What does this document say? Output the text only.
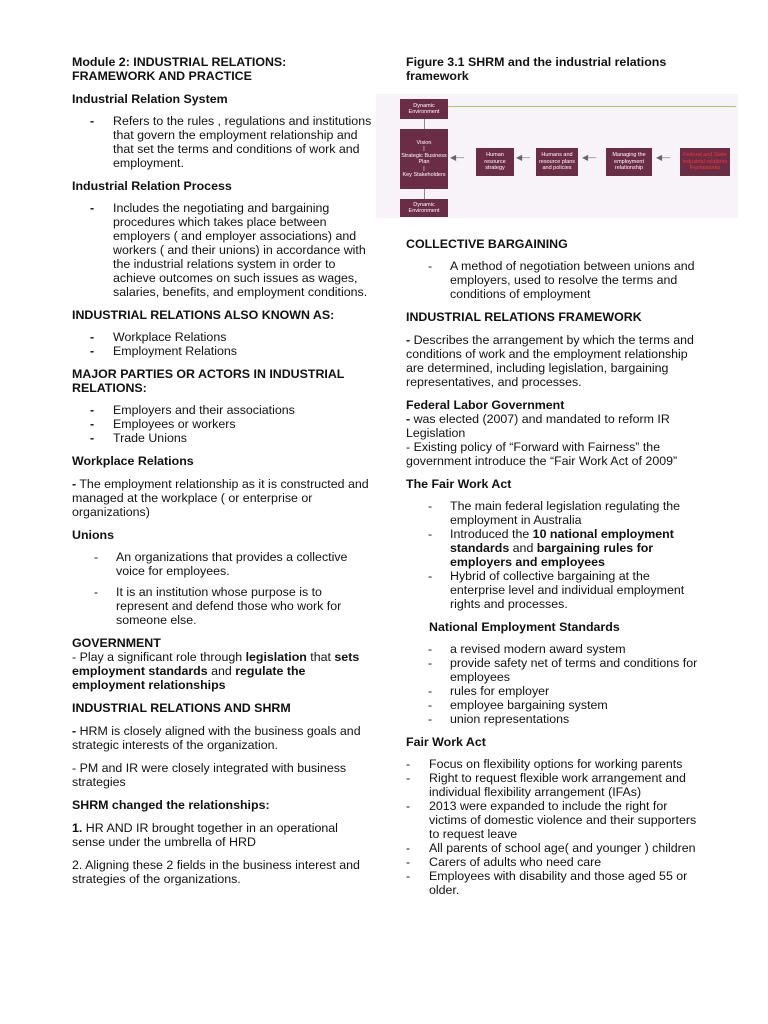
Module 2: INDUSTRIAL RELATIONS:

FRAMEWORK AND PRACTICE

Industrial Relation System

- Refers to the rules , regulations and institutions that govern the employment relationship and that set the terms and conditions of work and employment.

Industrial Relation Process

- Includes the negotiating and bargaining procedures which takes place between employers ( and employer associations) and workers ( and their unions) in accordance with the industrial relations system in order to achieve outcomes on such issues as wages, salaries, benefits, and employment conditions.

INDUSTRIAL RELATIONS ALSO KNOWN AS:

- Workplace Relations
- Employment Relations

MAJOR PARTIES OR ACTORS IN INDUSTRIAL RELATIONS:

- Employers and their associations
- Employees or workers
- Trade Unions

Workplace Relations

- The employment relationship as it is constructed and managed at the workplace ( or enterprise or organizations)

Unions

- An organizations that provides a collective voice for employees.
- It is an institution whose purpose is to represent and defend those who work for someone else.

GOVERNMENT

- Play a significant role through legislation that sets employment standards and regulate the employment relationships

INDUSTRIAL RELATIONS AND SHRM

- HRM is closely aligned with the business goals and strategic interests of the organization.

- PM and IR were closely integrated with business strategies

SHRM changed the relationships:

1. HR AND IR brought together in an operational sense under the umbrella of HRD

2. Aligning these 2 fields in the business interest and strategies of the organizations.

Figure 3.1 SHRM and the industrial relations framework

Dynamic Environment
Vision
|
Strategic Business Plan
|
Key Stakeholders
Dynamic Environment
◀—	Human resource strategy
◀—	Humans and resource plans and policies
◀—	Managing the employment relationship
◀—	Federal and State industrial relations Frameworks

COLLECTIVE BARGAINING

- A method of negotiation between unions and employers, used to resolve the terms and conditions of employment

INDUSTRIAL RELATIONS FRAMEWORK

- Describes the arrangement by which the terms and conditions of work and the employment relationship are determined, including legislation, bargaining representatives, and processes.

Federal Labor Government

- was elected (2007) and mandated to reform IR Legislation

- Existing policy of “Forward with Fairness” the government introduce the “Fair Work Act of 2009”

The Fair Work Act

- The main federal legislation regulating the employment in Australia
- Introduced the 10 national employment standards and bargaining rules for employers and employees
- Hybrid of collective bargaining at the enterprise level and individual employment rights and processes.

National Employment Standards

- a revised modern award system
- provide safety net of terms and conditions for employees
- rules for employer
- employee bargaining system
- union representations

Fair Work Act

- Focus on flexibility options for working parents
- Right to request flexible work arrangement and individual flexibility arrangement (IFAs)
- 2013 were expanded to include the right for victims of domestic violence and their supporters to request leave
- All parents of school age( and younger ) children
- Carers of adults who need care
- Employees with disability and those aged 55 or older.
